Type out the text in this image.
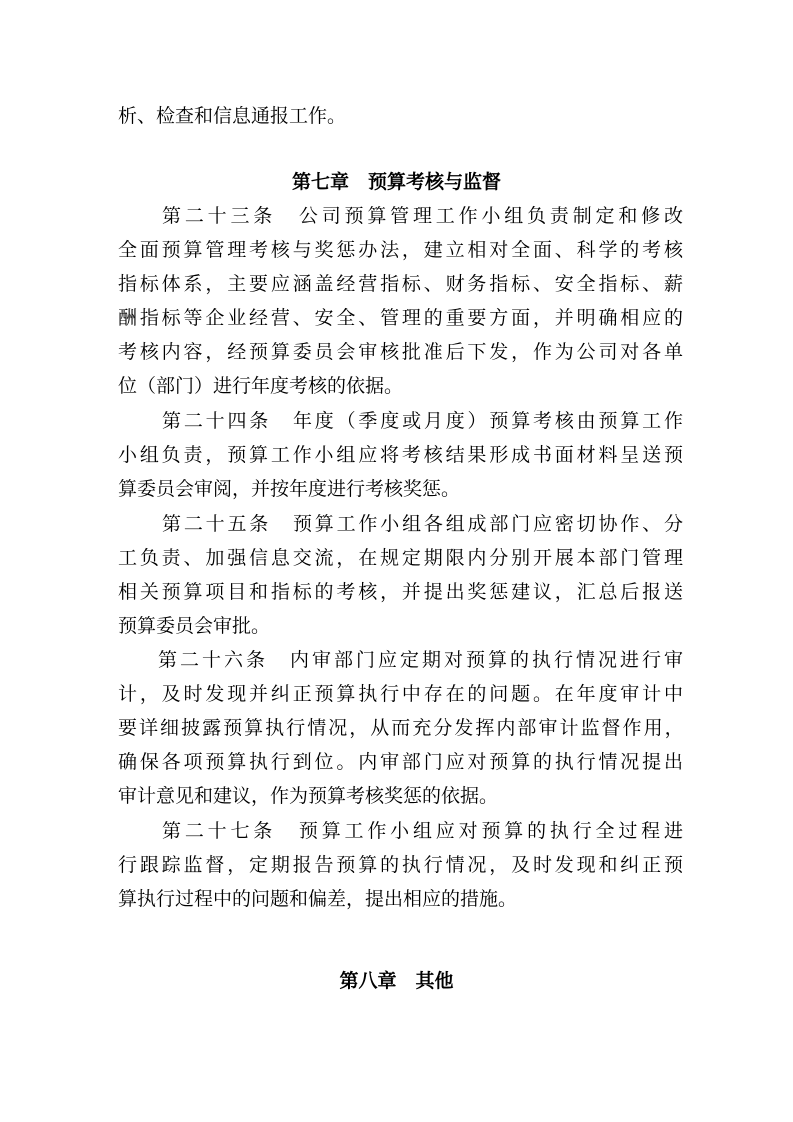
析、检查和信息通报工作。
第七章　预算考核与监督
第二十三条　公司预算管理工作小组负责制定和修改
全面预算管理考核与奖惩办法，建立相对全面、科学的考核
指标体系，主要应涵盖经营指标、财务指标、安全指标、薪
酬指标等企业经营、安全、管理的重要方面，并明确相应的
考核内容，经预算委员会审核批准后下发，作为公司对各单
位（部门）进行年度考核的依据。
第二十四条　年度（季度或月度）预算考核由预算工作
小组负责，预算工作小组应将考核结果形成书面材料呈送预
算委员会审阅，并按年度进行考核奖惩。
第二十五条　预算工作小组各组成部门应密切协作、分
工负责、加强信息交流，在规定期限内分别开展本部门管理
相关预算项目和指标的考核，并提出奖惩建议，汇总后报送
预算委员会审批。
第二十六条　内审部门应定期对预算的执行情况进行审
计，及时发现并纠正预算执行中存在的问题。在年度审计中
要详细披露预算执行情况，从而充分发挥内部审计监督作用，
确保各项预算执行到位。内审部门应对预算的执行情况提出
审计意见和建议，作为预算考核奖惩的依据。
第二十七条　预算工作小组应对预算的执行全过程进
行跟踪监督，定期报告预算的执行情况，及时发现和纠正预
算执行过程中的问题和偏差，提出相应的措施。
第八章　其他
